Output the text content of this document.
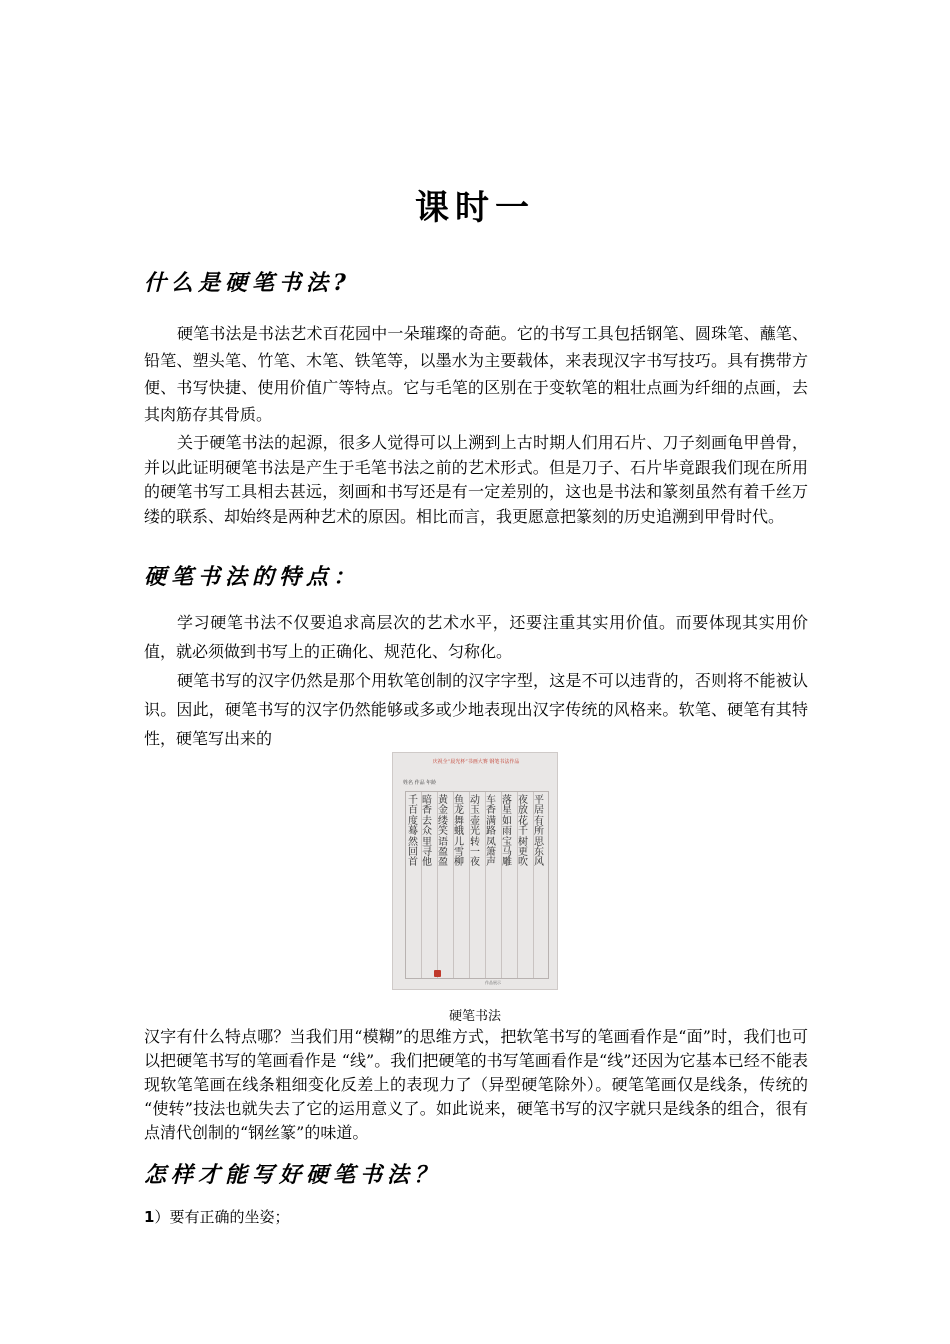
课时一
什么是硬笔书法?
硬笔书法是书法艺术百花园中一朵璀璨的奇葩。它的书写工具包括钢笔、圆珠笔、蘸笔、铅笔、塑头笔、竹笔、木笔、铁笔等，以墨水为主要载体，来表现汉字书写技巧。具有携带方便、书写快捷、使用价值广等特点。它与毛笔的区别在于变软笔的粗壮点画为纤细的点画，去其肉筋存其骨质。
关于硬笔书法的起源，很多人觉得可以上溯到上古时期人们用石片、刀子刻画龟甲兽骨，并以此证明硬笔书法是产生于毛笔书法之前的艺术形式。但是刀子、石片毕竟跟我们现在所用的硬笔书写工具相去甚远，刻画和书写还是有一定差别的，这也是书法和篆刻虽然有着千丝万缕的联系、却始终是两种艺术的原因。相比而言，我更愿意把篆刻的历史追溯到甲骨时代。
硬笔书法的特点：
学习硬笔书法不仅要追求高层次的艺术水平，还要注重其实用价值。而要体现其实用价值，就必须做到书写上的正确化、规范化、匀称化。
硬笔书写的汉字仍然是那个用软笔创制的汉字字型，这是不可以违背的，否则将不能被认识。因此，硬笔书写的汉字仍然能够或多或少地表现出汉字传统的风格来。软笔、硬笔有其特性，硬笔写出来的
庆祝全“晨光杯”书画大赛 钢笔书法作品
姓名 作品 年龄
平居有所思东风
夜放花千树更吹
落星如雨宝马雕
车香满路凤箫声
动玉壶光转一夜
鱼龙舞蛾儿雪柳
黄金缕笑语盈盈
暗香去众里寻他
千百度蓦然回首
作品展示
硬笔书法
汉字有什么特点哪？当我们用“模糊”的思维方式，把软笔书写的笔画看作是“面”时，我们也可以把硬笔书写的笔画看作是 “线”。我们把硬笔的书写笔画看作是“线”还因为它基本已经不能表现软笔笔画在线条粗细变化反差上的表现力了（异型硬笔除外）。硬笔笔画仅是线条，传统的 “使转”技法也就失去了它的运用意义了。如此说来，硬笔书写的汉字就只是线条的组合，很有点清代创制的“钢丝篆”的味道。
怎样才能写好硬笔书法？
1）要有正确的坐姿；
